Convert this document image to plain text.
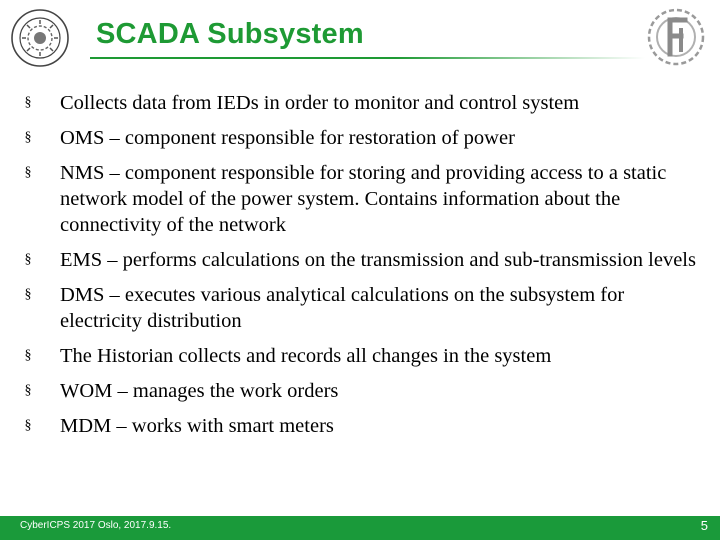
SCADA Subsystem
§ Collects data from IEDs in order to monitor and control system
§ OMS – component responsible for restoration of power
§ NMS – component responsible for storing and providing access to a static network model of the power system. Contains information about the connectivity of the network
§ EMS – performs calculations on the transmission and sub-transmission levels
§ DMS – executes various analytical calculations on the subsystem for electricity distribution
§ The Historian collects and records all changes in the system
§ WOM – manages the work orders
§ MDM – works with smart meters
CyberICPS 2017 Oslo, 2017.9.15.	5
